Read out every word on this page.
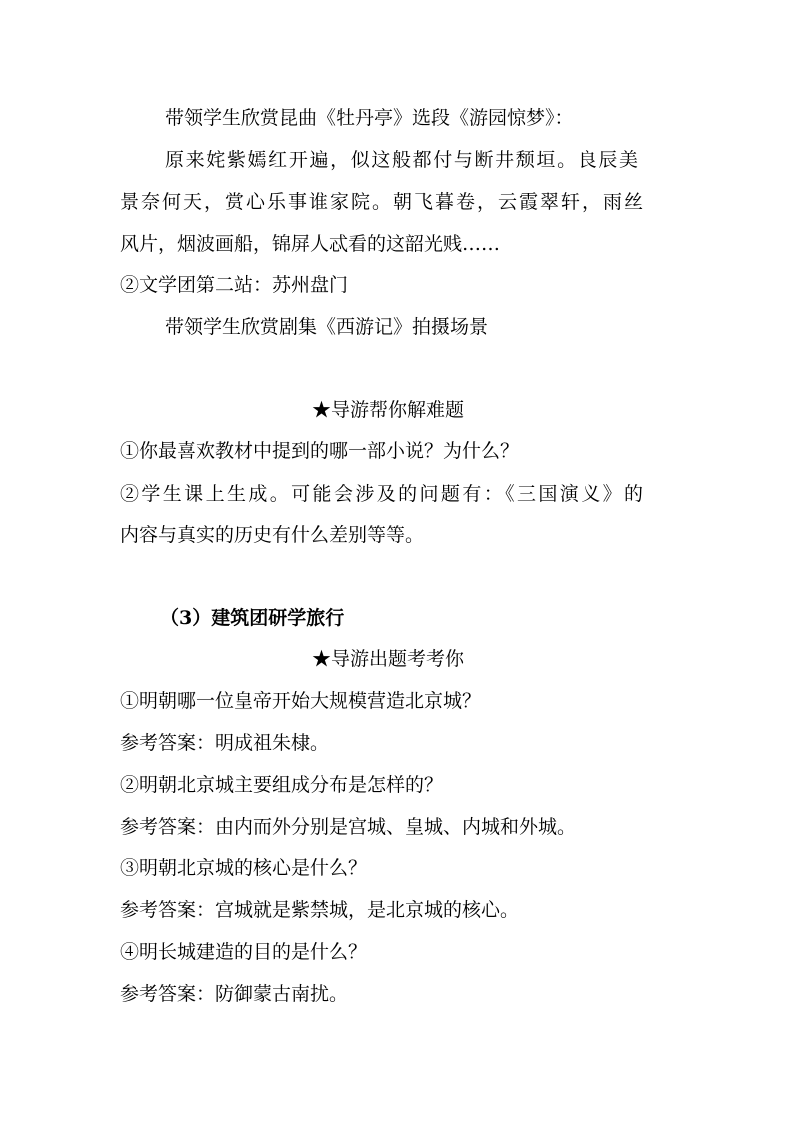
带领学生欣赏昆曲《牡丹亭》选段《游园惊梦》：
原来姹紫嫣红开遍，似这般都付与断井颓垣。良辰美
景奈何天，赏心乐事谁家院。朝飞暮卷，云霞翠轩，雨丝
风片，烟波画船，锦屏人忒看的这韶光贱……
②文学团第二站：苏州盘门
带领学生欣赏剧集《西游记》拍摄场景
★导游帮你解难题
①你最喜欢教材中提到的哪一部小说？为什么？
②学生课上生成。可能会涉及的问题有：《三国演义》的
内容与真实的历史有什么差别等等。
（3）建筑团研学旅行
★导游出题考考你
①明朝哪一位皇帝开始大规模营造北京城？
参考答案：明成祖朱棣。
②明朝北京城主要组成分布是怎样的？
参考答案：由内而外分别是宫城、皇城、内城和外城。
③明朝北京城的核心是什么？
参考答案：宫城就是紫禁城，是北京城的核心。
④明长城建造的目的是什么？
参考答案：防御蒙古南扰。
